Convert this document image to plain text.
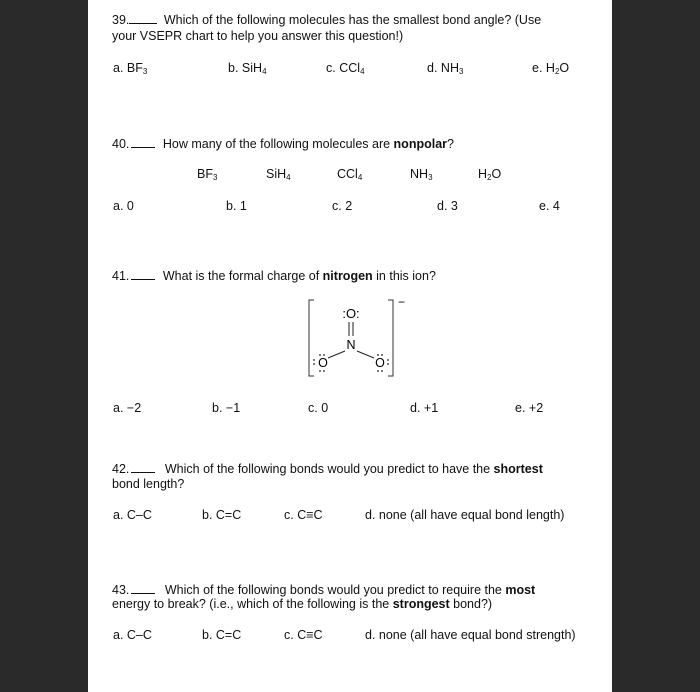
39.	Which of the following molecules has the smallest bond angle? (Use
your VSEPR chart to help you answer this question!)
a. $BF_3$	b. SiH$_4$	c. CCl$_4$	d. $NH_3$	e. $H_2O$
40.	How many of the following molecules are nonpolar?
$BF_3$	SiH$_4$	CCl$_4$	$NH_3$	$H_2O$
a. 0	b. 1	c. 2	d. 3	e. 4
41.	What is the formal charge of nitrogen in this ion?
−
:O:
N
O	O
a. −2	b. −1	c. 0	d. +1	e. +2
42.	Which of the following bonds would you predict to have the shortest
bond length?
a. C–C	b. C=C	c. C≡C	d. none (all have equal bond length)
43.	Which of the following bonds would you predict to require the most
energy to break? (i.e., which of the following is the strongest bond?)
a. C–C	b. C=C	c. C≡C	d. none (all have equal bond strength)
